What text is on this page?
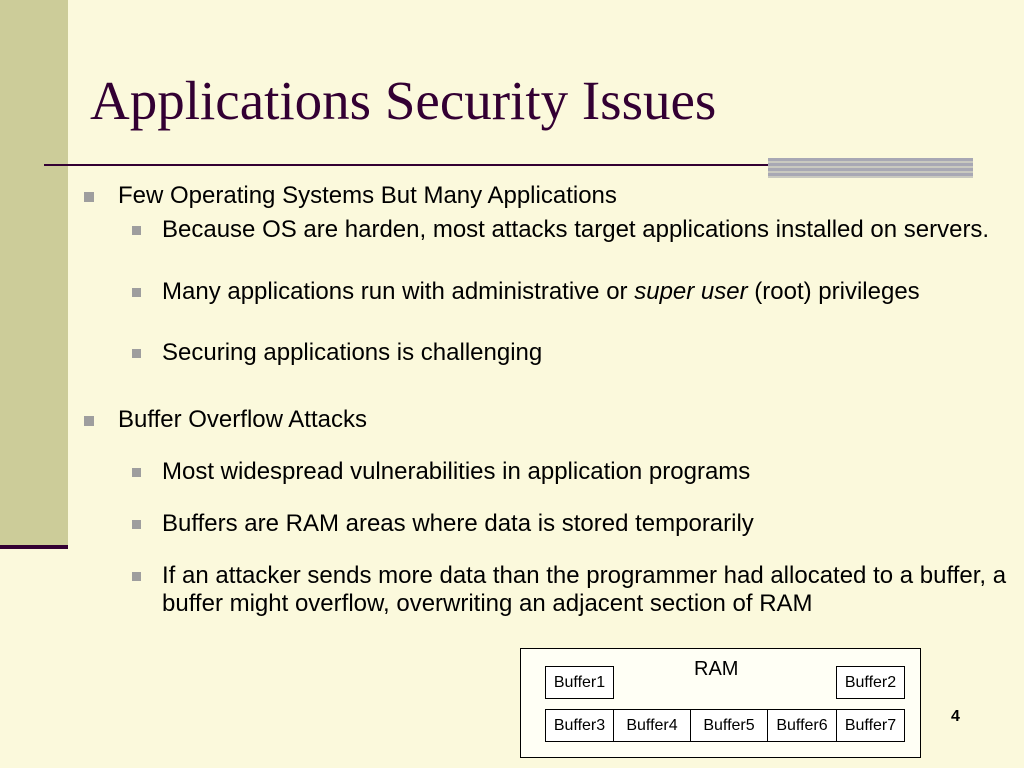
Applications Security Issues
Few Operating Systems But Many Applications
Because OS are harden, most attacks target applications installed on servers.
Many applications run with administrative or super user (root) privileges
Securing applications is challenging
Buffer Overflow Attacks
Most widespread vulnerabilities in application programs
Buffers are RAM areas where data is stored temporarily
If an attacker sends more data than the programmer had allocated to a buffer, a buffer might overflow, overwriting an adjacent section of RAM
RAM
Buffer1	Buffer2
Buffer3	Buffer4	Buffer5	Buffer6	Buffer7
4
